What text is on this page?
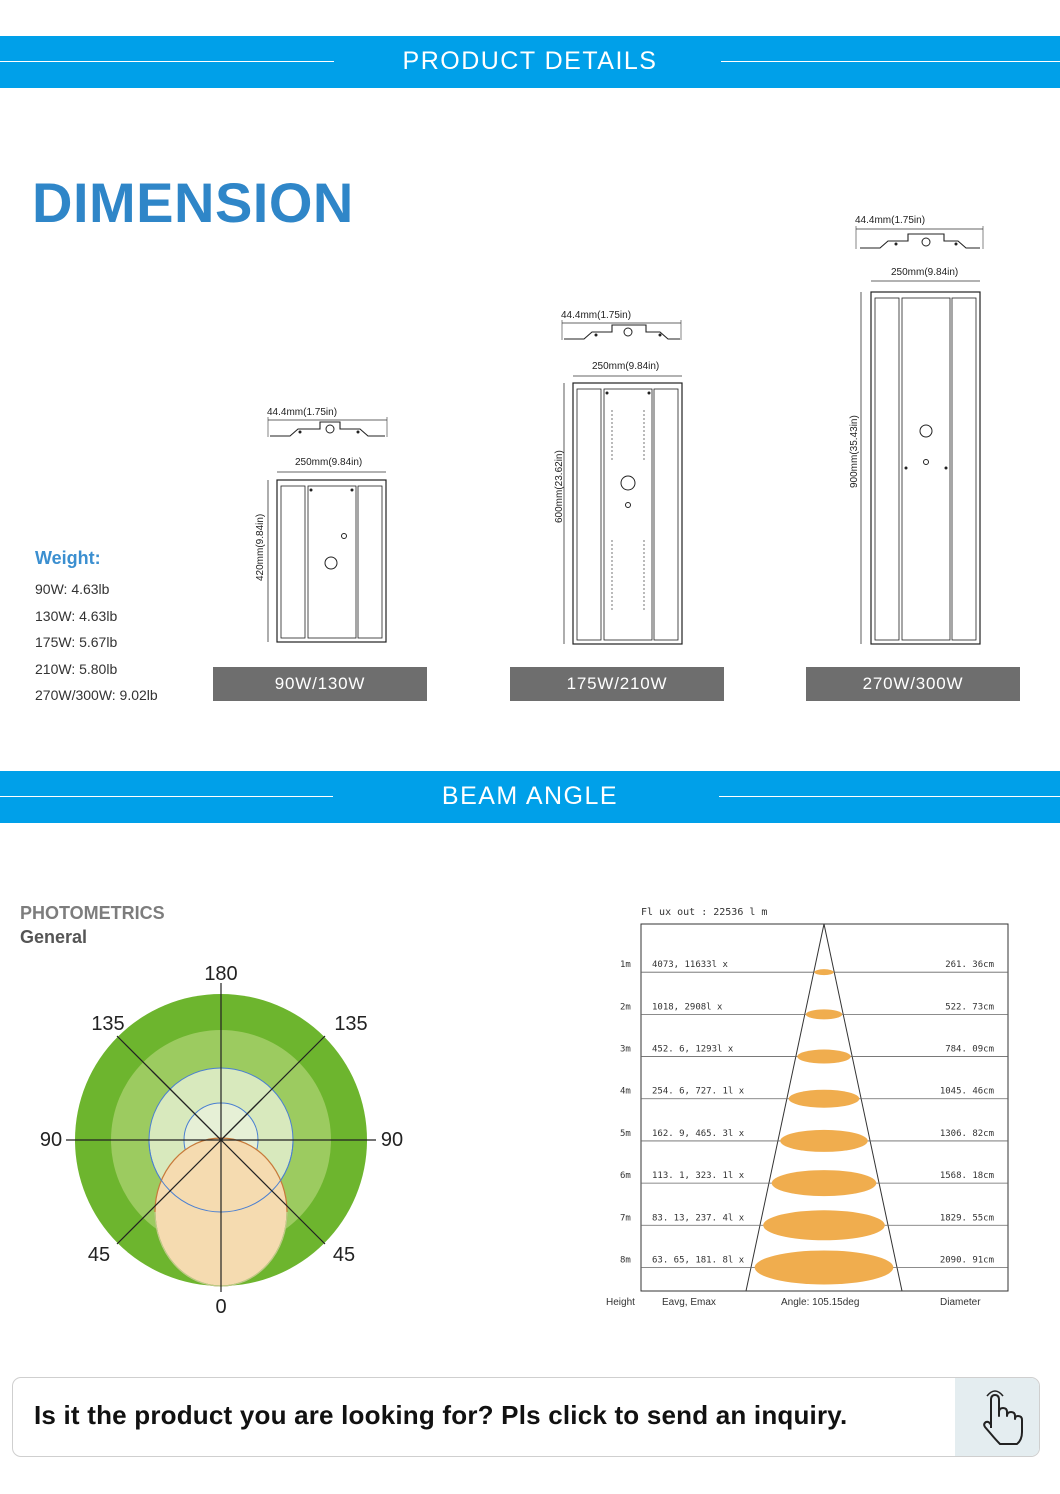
PRODUCT DETAILS
DIMENSION
44.4mm(1.75in)
250mm(9.84in)
420mm(9.84in)
44.4mm(1.75in)
250mm(9.84in)
600mm(23.62in)
44.4mm(1.75in)
250mm(9.84in)
900mm(35.43in)
90W/130W	175W/210W	270W/300W
Weight:
90W: 4.63lb
130W: 4.63lb
175W: 5.67lb
210W: 5.80lb
270W/300W: 9.02lb
BEAM ANGLE
PHOTOMETRICS
General
180
135	135
90	90
45	45
0
Fl ux out : 22536 l m
1m 4073, 11633l x	261. 36cm
2m 1018, 2908l x	522. 73cm
3m 452. 6, 1293l x	784. 09cm
4m 254. 6, 727. 1l x	1045. 46cm
5m 162. 9, 465. 3l x	1306. 82cm
6m 113. 1, 323. 1l x	1568. 18cm
7m 83. 13, 237. 4l x	1829. 55cm
8m 63. 65, 181. 8l x	2090. 91cm
Height	Eavg, Emax	Angle: 105.15deg	Diameter
Is it the product you are looking for? Pls click to send an inquiry.
